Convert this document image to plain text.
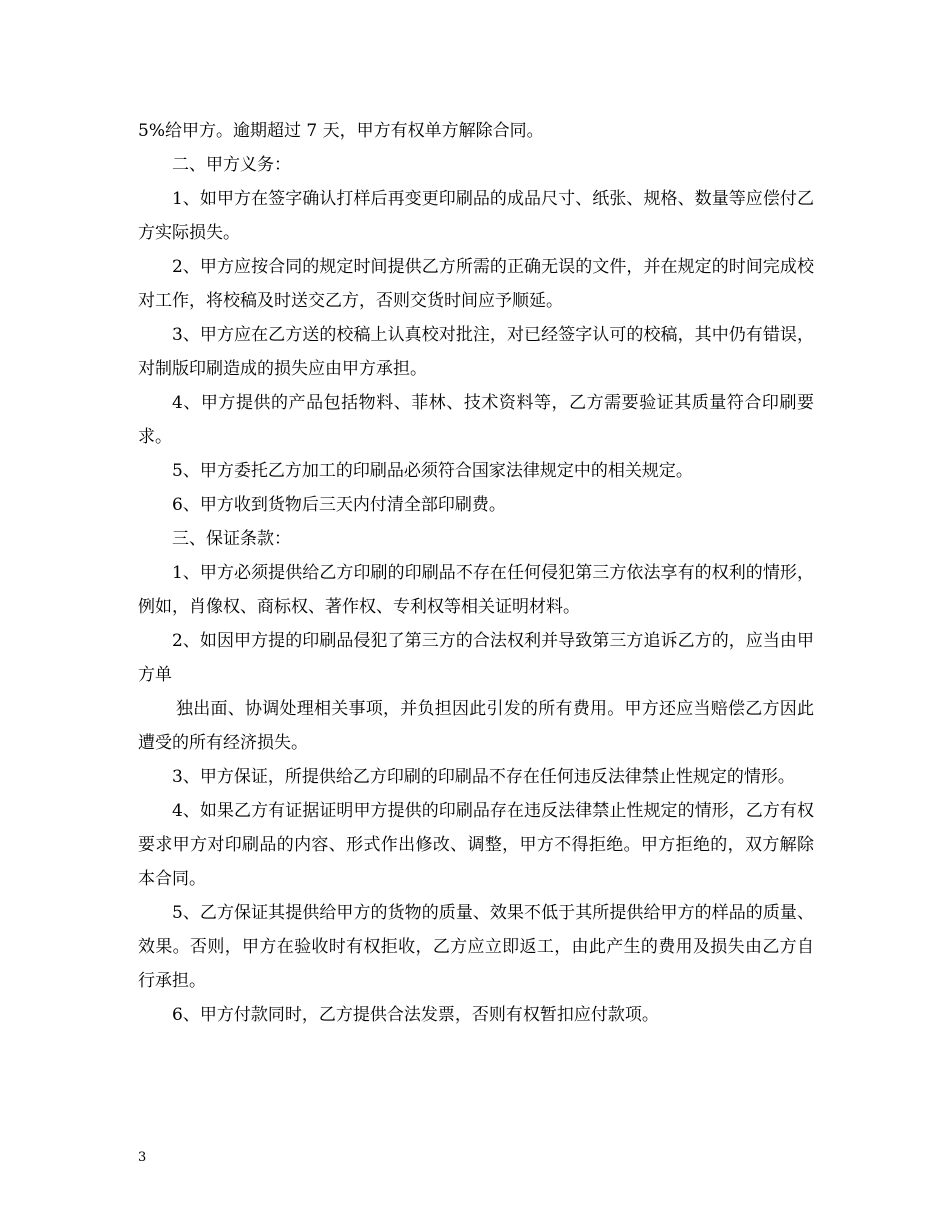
5%给甲方。逾期超过 7 天，甲方有权单方解除合同。

二、甲方义务：

1、如甲方在签字确认打样后再变更印刷品的成品尺寸、纸张、规格、数量等应偿付乙方实际损失。

2、甲方应按合同的规定时间提供乙方所需的正确无误的文件，并在规定的时间完成校对工作，将校稿及时送交乙方，否则交货时间应予顺延。

3、甲方应在乙方送的校稿上认真校对批注，对已经签字认可的校稿，其中仍有错误，对制版印刷造成的损失应由甲方承担。

4、甲方提供的产品包括物料、菲林、技术资料等，乙方需要验证其质量符合印刷要求。

5、甲方委托乙方加工的印刷品必须符合国家法律规定中的相关规定。

6、甲方收到货物后三天内付清全部印刷费。

三、保证条款：

1、甲方必须提供给乙方印刷的印刷品不存在任何侵犯第三方依法享有的权利的情形，例如，肖像权、商标权、著作权、专利权等相关证明材料。

2、如因甲方提的印刷品侵犯了第三方的合法权利并导致第三方追诉乙方的，应当由甲方单

独出面、协调处理相关事项，并负担因此引发的所有费用。甲方还应当赔偿乙方因此遭受的所有经济损失。

3、甲方保证，所提供给乙方印刷的印刷品不存在任何违反法律禁止性规定的情形。

4、如果乙方有证据证明甲方提供的印刷品存在违反法律禁止性规定的情形，乙方有权要求甲方对印刷品的内容、形式作出修改、调整，甲方不得拒绝。甲方拒绝的，双方解除本合同。

5、乙方保证其提供给甲方的货物的质量、效果不低于其所提供给甲方的样品的质量、效果。否则，甲方在验收时有权拒收，乙方应立即返工，由此产生的费用及损失由乙方自行承担。

6、甲方付款同时，乙方提供合法发票，否则有权暂扣应付款项。

3
